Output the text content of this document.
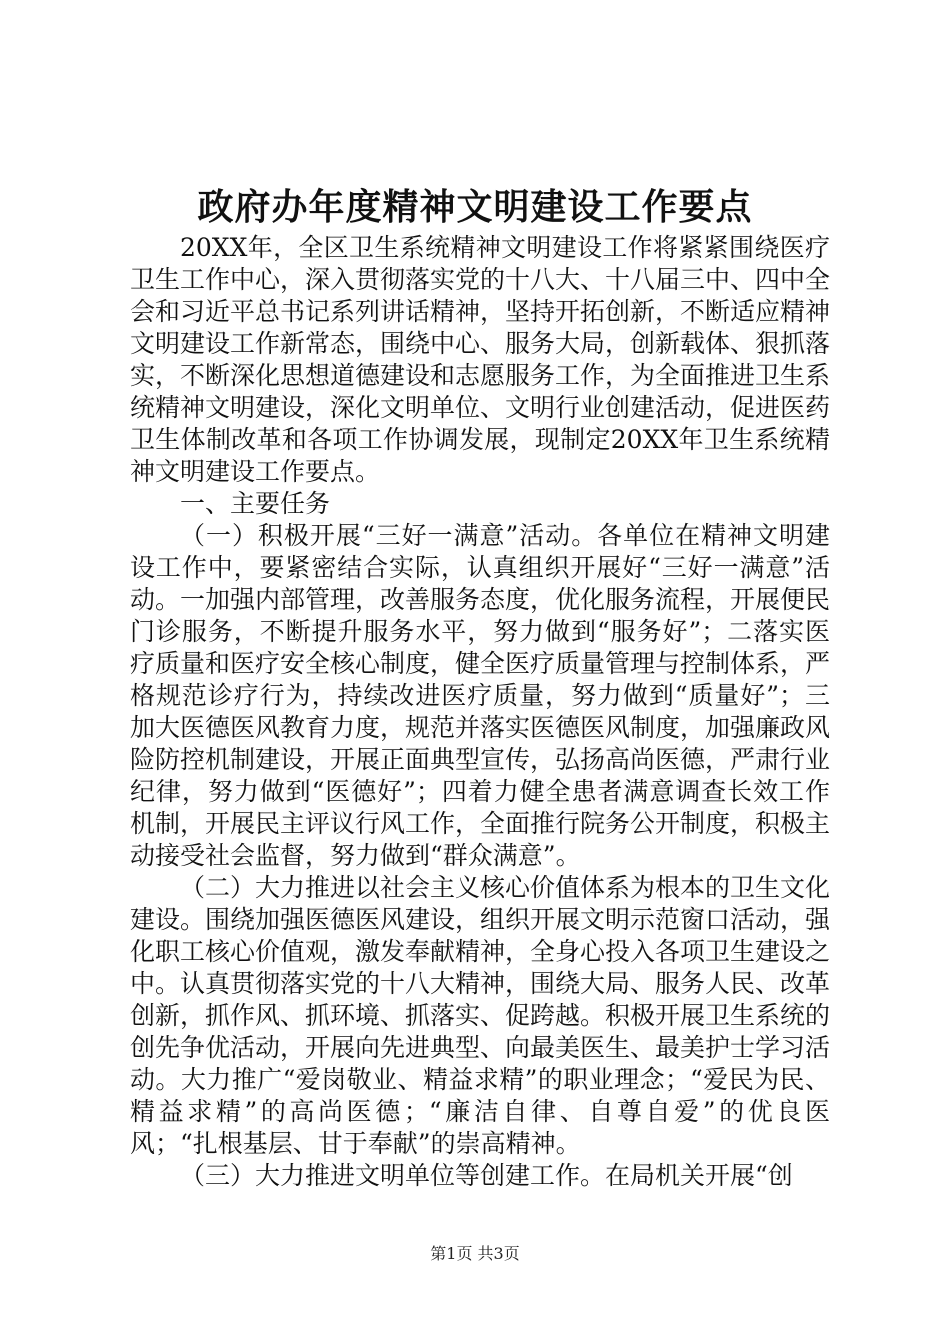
政府办年度精神文明建设工作要点

20XX年，全区卫生系统精神文明建设工作将紧紧围绕医疗卫生工作中心，深入贯彻落实党的十八大、十八届三中、四中全会和习近平总书记系列讲话精神，坚持开拓创新，不断适应精神文明建设工作新常态，围绕中心、服务大局，创新载体、狠抓落实，不断深化思想道德建设和志愿服务工作，为全面推进卫生系统精神文明建设，深化文明单位、文明行业创建活动，促进医药卫生体制改革和各项工作协调发展，现制定20XX年卫生系统精神文明建设工作要点。

一、主要任务

（一）积极开展“三好一满意”活动。各单位在精神文明建设工作中，要紧密结合实际，认真组织开展好“三好一满意”活动。一加强内部管理，改善服务态度，优化服务流程，开展便民门诊服务，不断提升服务水平，努力做到“服务好”；二落实医疗质量和医疗安全核心制度，健全医疗质量管理与控制体系，严格规范诊疗行为，持续改进医疗质量，努力做到“质量好”；三加大医德医风教育力度，规范并落实医德医风制度，加强廉政风险防控机制建设，开展正面典型宣传，弘扬高尚医德，严肃行业纪律，努力做到“医德好”；四着力健全患者满意调查长效工作机制，开展民主评议行风工作，全面推行院务公开制度，积极主动接受社会监督，努力做到“群众满意”。

（二）大力推进以社会主义核心价值体系为根本的卫生文化建设。围绕加强医德医风建设，组织开展文明示范窗口活动，强化职工核心价值观，激发奉献精神，全身心投入各项卫生建设之中。认真贯彻落实党的十八大精神，围绕大局、服务人民、改革创新，抓作风、抓环境、抓落实、促跨越。积极开展卫生系统的创先争优活动，开展向先进典型、向最美医生、最美护士学习活动。大力推广“爱岗敬业、精益求精”的职业理念；“爱民为民、精益求精”的高尚医德；“廉洁自律、自尊自爱”的优良医风；“扎根基层、甘于奉献”的崇高精神。

（三）大力推进文明单位等创建工作。在局机关开展“创

第1页 共3页
